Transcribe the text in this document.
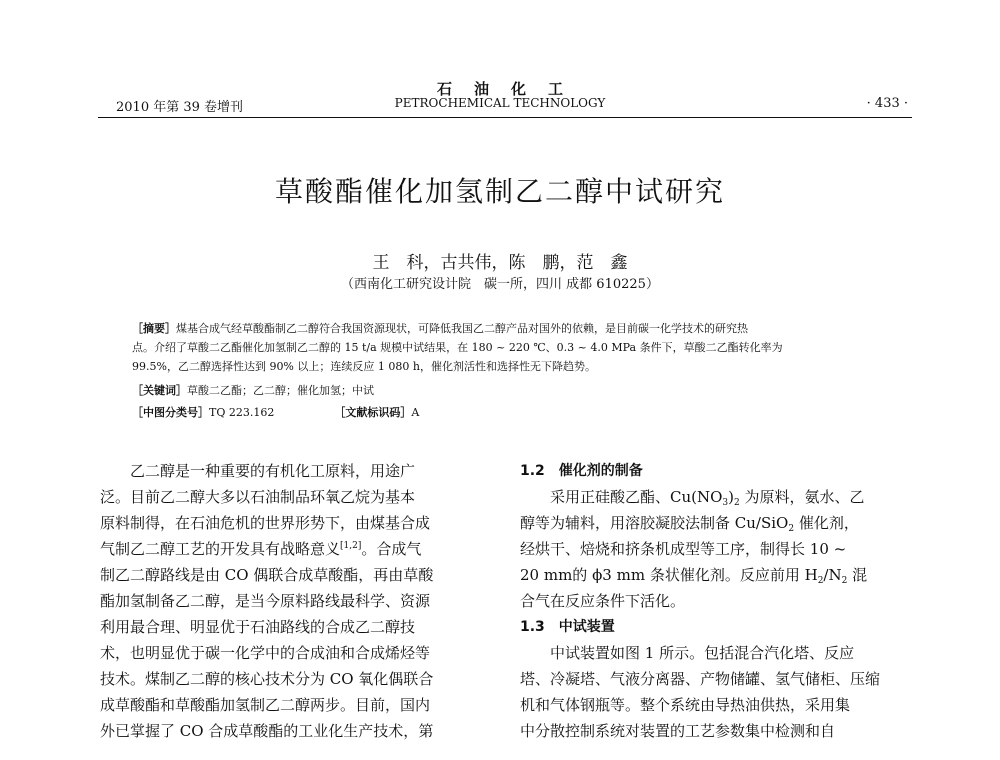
石油化工
PETROCHEMICAL TECHNOLOGY
2010 年第 39 卷增刊	· 433 ·
草酸酯催化加氢制乙二醇中试研究
王　科，古共伟，陈　鹏，范　鑫
（西南化工研究设计院　碳一所，四川 成都 610225）
［摘要］煤基合成气经草酸酯制乙二醇符合我国资源现状，可降低我国乙二醇产品对国外的依赖，是目前碳一化学技术的研究热
点。介绍了草酸二乙酯催化加氢制乙二醇的 15 t/a 规模中试结果，在 180 ~ 220 ℃、0.3 ~ 4.0 MPa 条件下，草酸二乙酯转化率为
99.5%，乙二醇选择性达到 90% 以上；连续反应 1 080 h，催化剂活性和选择性无下降趋势。
［关键词］草酸二乙酯；乙二醇；催化加氢；中试
［中图分类号］TQ 223.162	［文献标识码］A

乙二醇是一种重要的有机化工原料，用途广

泛。目前乙二醇大多以石油制品环氧乙烷为基本

原料制得，在石油危机的世界形势下，由煤基合成

气制乙二醇工艺的开发具有战略意义[1,2]。合成气

制乙二醇路线是由 CO 偶联合成草酸酯，再由草酸

酯加氢制备乙二醇，是当今原料路线最科学、资源

利用最合理、明显优于石油路线的合成乙二醇技

术，也明显优于碳一化学中的合成油和合成烯烃等

技术。煤制乙二醇的核心技术分为 CO 氧化偶联合

成草酸酯和草酸酯加氢制乙二醇两步。目前，国内

外已掌握了 CO 合成草酸酯的工业化生产技术，第

1.2　催化剂的制备

采用正硅酸乙酯、$Cu(NO_3)_2$ 为原料，氨水、乙

醇等为辅料，用溶胶凝胶法制备 Cu/SiO$_2$ 催化剂，

经烘干、焙烧和挤条机成型等工序，制得长 10 ~

20 mm的 ϕ3 mm 条状催化剂。反应前用 $H_2/N_2$ 混

合气在反应条件下活化。

1.3　中试装置

中试装置如图 1 所示。包括混合汽化塔、反应

塔、冷凝塔、气液分离器、产物储罐、氢气储柜、压缩

机和气体钢瓶等。整个系统由导热油供热，采用集

中分散控制系统对装置的工艺参数集中检测和自
